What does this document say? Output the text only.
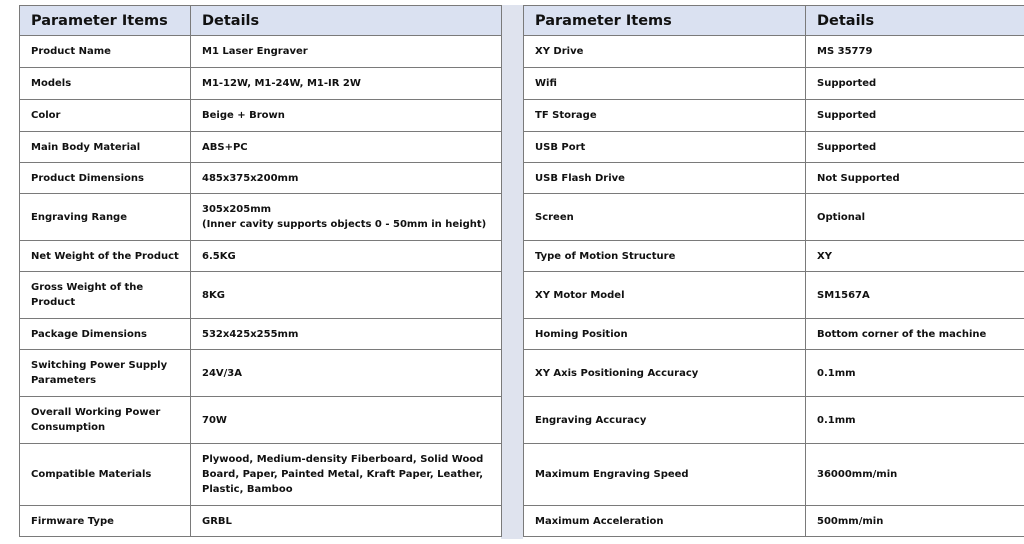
Parameter Items	Details

Product Name	M1 Laser Engraver

Models	M1-12W, M1-24W, M1-IR 2W

Color	Beige + Brown

Main Body Material	ABS+PC

Product Dimensions	485x375x200mm

Engraving Range	305x205mm
(Inner cavity supports objects 0 - 50mm in height)

Net Weight of the Product	6.5KG

Gross Weight of the
Product	8KG

Package Dimensions	532x425x255mm

Switching Power Supply
Parameters	24V/3A

Overall Working Power
Consumption	70W

Compatible Materials	Plywood, Medium-density Fiberboard, Solid Wood
Board, Paper, Painted Metal, Kraft Paper, Leather,
Plastic, Bamboo

Firmware Type	GRBL
Parameter Items	Details

XY Drive	MS 35779

Wifi	Supported

TF Storage	Supported

USB Port	Supported

USB Flash Drive	Not Supported

Screen	Optional

Type of Motion Structure	XY

XY Motor Model	SM1567A

Homing Position	Bottom corner of the machine

XY Axis Positioning Accuracy	0.1mm

Engraving Accuracy	0.1mm

Maximum Engraving Speed	36000mm/min

Maximum Acceleration	500mm/min
